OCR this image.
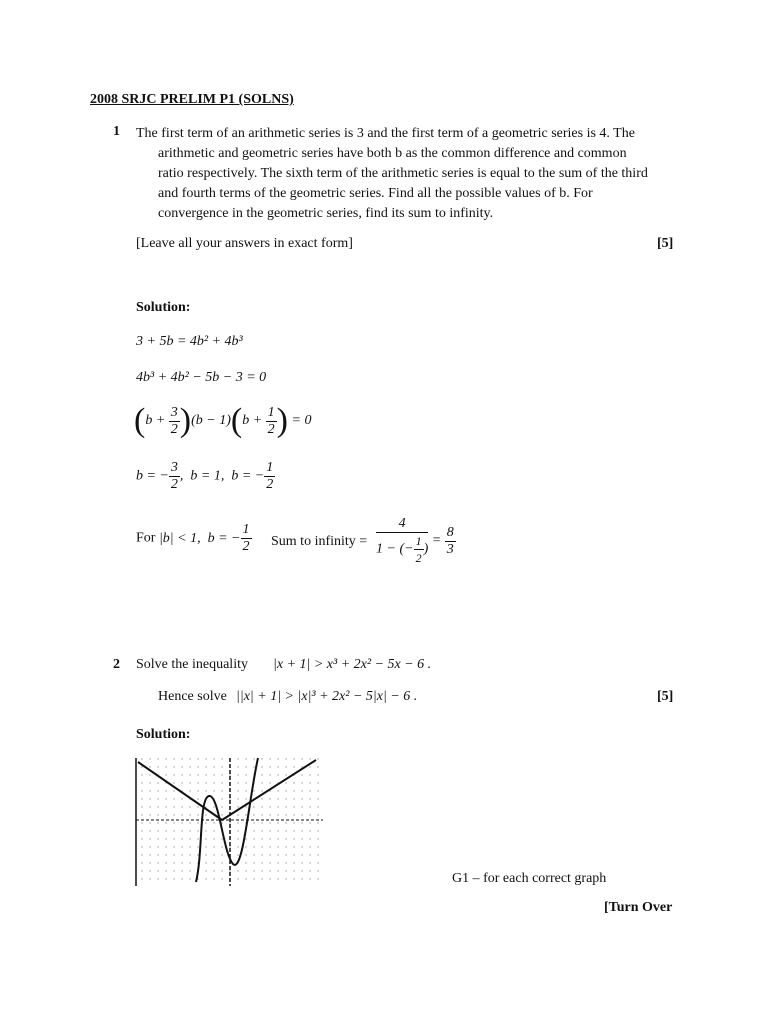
2008 SRJC PRELIM P1 (SOLNS)
1 The first term of an arithmetic series is 3 and the first term of a geometric series is 4. The

arithmetic and geometric series have both b as the common difference and common

ratio respectively. The sixth term of the arithmetic series is equal to the sum of the third

and fourth terms of the geometric series. Find all the possible values of b. For

convergence in the geometric series, find its sum to infinity.

[Leave all your answers in exact form]	[5]
Solution:
3 + 5b = 4b² + 4b³
4b³ + 4b² − 5b − 3 = 0
$(b + \frac{3}{2} )(b - 1)(b + \frac{1}{2}$ ) = 0
b = − $\frac{3}{2}$ ,  b = 1,  b = − $\frac{1}{2}$
For |b| < 1,  b = − $\frac{1}{2}$ Sum to infinity = $\frac{4}{1 - (- \frac{1}{2} )} = \frac{8}{3}$
2 Solve the inequality |x + 1| > x³ + 2x² − 5x − 6 .
Hence solve ||x| + 1| > |x|³ + 2x² − 5|x| − 6 .	[5]
Solution:
G1 – for each correct graph
[Turn Over
